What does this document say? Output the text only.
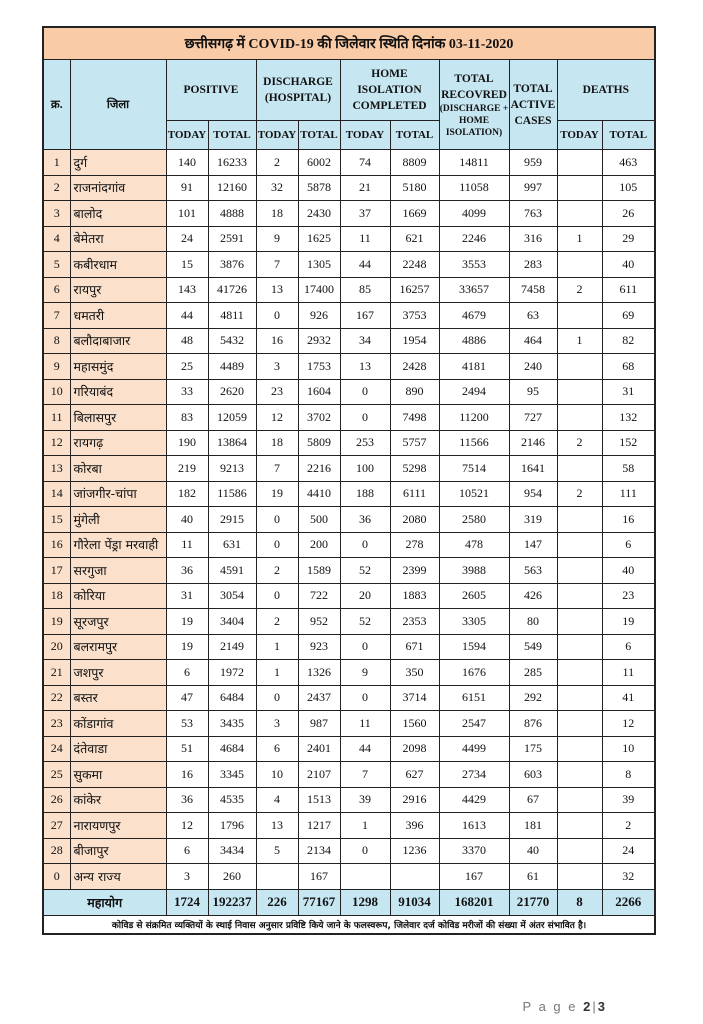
छत्तीसगढ़ में COVID-19 की जिलेवार स्थिति दिनांक 03-11-2020											
क्र.	जिला	POSITIVE		DISCHARGE (HOSPITAL)		HOME ISOLATION COMPLETED		TOTAL RECOVRED
(DISCHARGE + HOME ISOLATION)	TOTAL ACTIVE CASES	DEATHS	
		TODAY	TOTAL	TODAY	TOTAL	TODAY	TOTAL			TODAY	TOTAL
1	दुर्ग	140	16233	2	6002	74	8809	14811	959		463
2	राजनांदगांव	91	12160	32	5878	21	5180	11058	997		105
3	बालोद	101	4888	18	2430	37	1669	4099	763		26
4	बेमेतरा	24	2591	9	1625	11	621	2246	316	1	29
5	कबीरधाम	15	3876	7	1305	44	2248	3553	283		40
6	रायपुर	143	41726	13	17400	85	16257	33657	7458	2	611
7	धमतरी	44	4811	0	926	167	3753	4679	63		69
8	बलौदाबाजार	48	5432	16	2932	34	1954	4886	464	1	82
9	महासमुंद	25	4489	3	1753	13	2428	4181	240		68
10	गरियाबंद	33	2620	23	1604	0	890	2494	95		31
11	बिलासपुर	83	12059	12	3702	0	7498	11200	727		132
12	रायगढ़	190	13864	18	5809	253	5757	11566	2146	2	152
13	कोरबा	219	9213	7	2216	100	5298	7514	1641		58
14	जांजगीर-चांपा	182	11586	19	4410	188	6111	10521	954	2	111
15	मुंगेली	40	2915	0	500	36	2080	2580	319		16
16	गौरेला पेंड्रा मरवाही	11	631	0	200	0	278	478	147		6
17	सरगुजा	36	4591	2	1589	52	2399	3988	563		40
18	कोरिया	31	3054	0	722	20	1883	2605	426		23
19	सूरजपुर	19	3404	2	952	52	2353	3305	80		19
20	बलरामपुर	19	2149	1	923	0	671	1594	549		6
21	जशपुर	6	1972	1	1326	9	350	1676	285		11
22	बस्तर	47	6484	0	2437	0	3714	6151	292		41
23	कोंडागांव	53	3435	3	987	11	1560	2547	876		12
24	दंतेवाडा	51	4684	6	2401	44	2098	4499	175		10
25	सुकमा	16	3345	10	2107	7	627	2734	603		8
26	कांकेर	36	4535	4	1513	39	2916	4429	67		39
27	नारायणपुर	12	1796	13	1217	1	396	1613	181		2
28	बीजापुर	6	3434	5	2134	0	1236	3370	40		24
0	अन्य राज्य	3	260		167			167	61		32
महायोग		1724	192237	226	77167	1298	91034	168201	21770	8	2266
कोविड से संक्रमित व्यक्तियों के स्थाई निवास अनुसार प्रविष्टि किये जाने के फलस्वरूप, जिलेवार दर्ज कोविड मरीजों की संख्या में अंतर संभावित है।											
P a g e 2|3
